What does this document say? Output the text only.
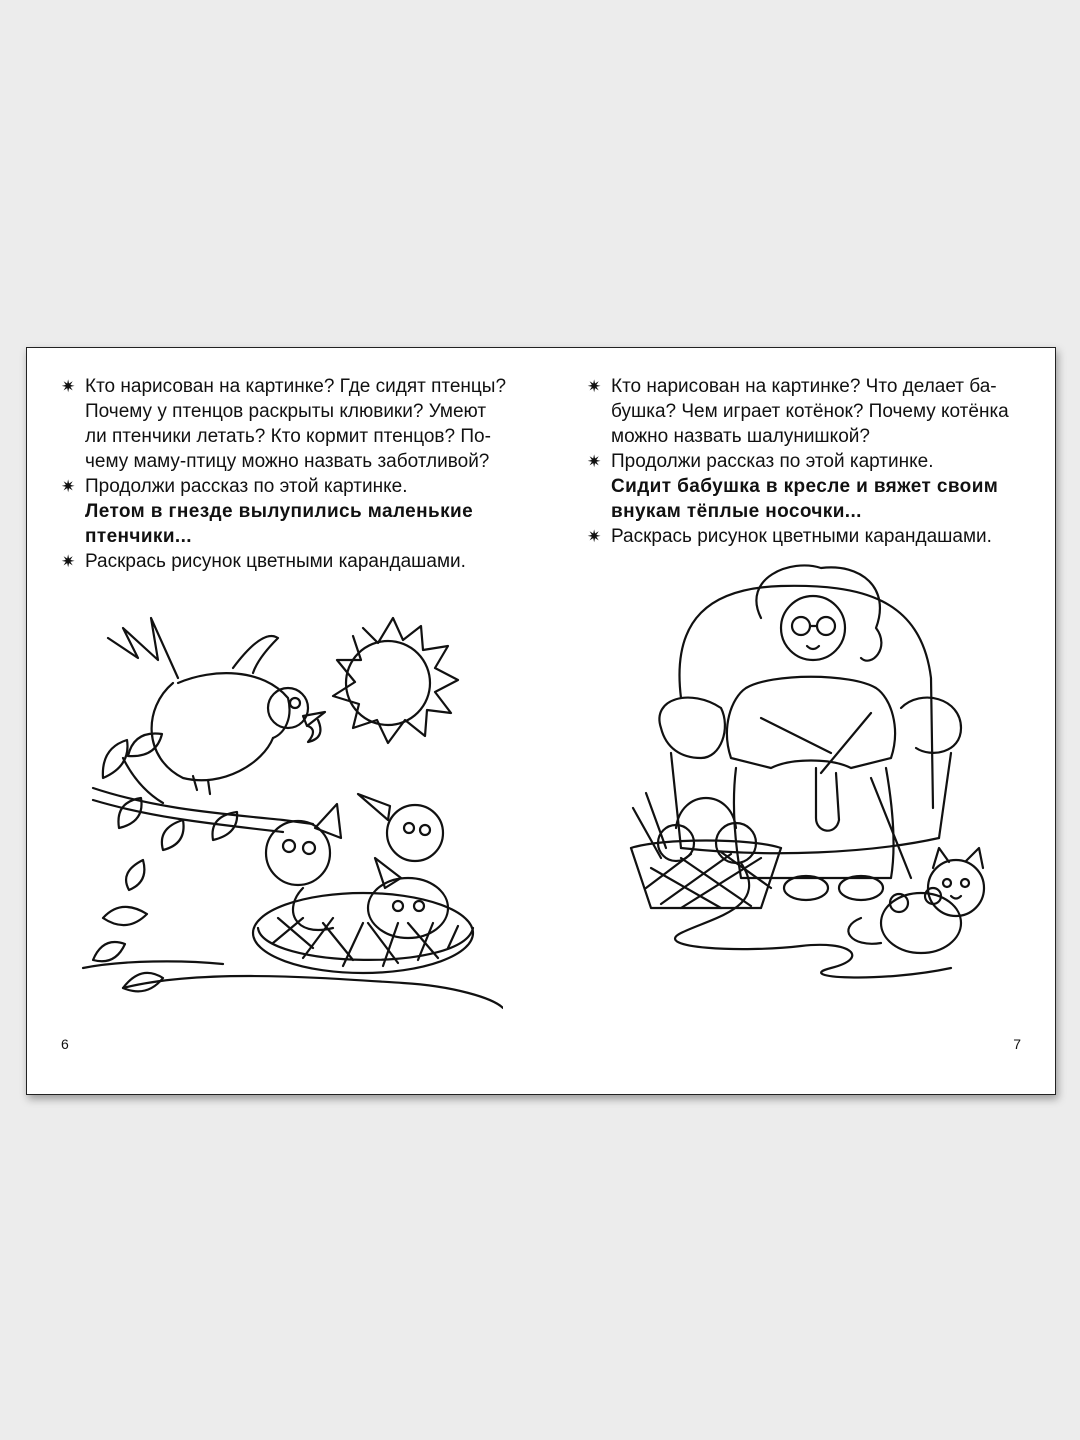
✷ Кто нарисован на картинке? Где сидят птенцы?
Почему у птенцов раскрыты клювики? Умеют
ли птенчики летать? Кто кормит птенцов? По-
чему маму-птицу можно назвать заботливой?
✷ Продолжи рассказ по этой картинке.
Летом в гнезде вылупились маленькие
птенчики...
✷ Раскрась рисунок цветными карандашами.
6
✷ Кто нарисован на картинке? Что делает ба-
бушка? Чем играет котёнок? Почему котёнка
можно назвать шалунишкой?
✷ Продолжи рассказ по этой картинке.
Сидит бабушка в кресле и вяжет своим
внукам тёплые носочки...
✷ Раскрась рисунок цветными карандашами.
7
